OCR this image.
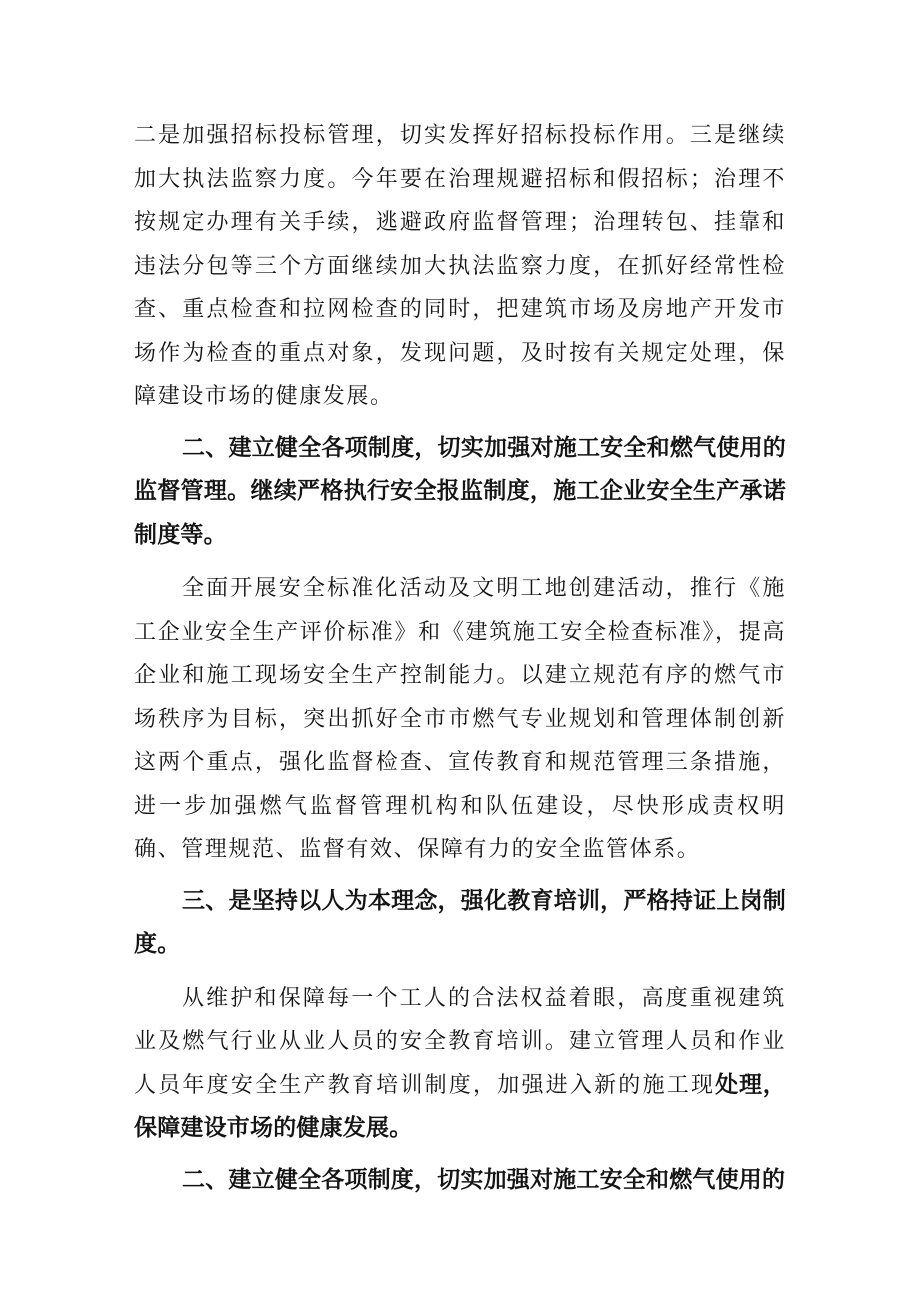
二是加强招标投标管理，切实发挥好招标投标作用。三是继续加大执法监察力度。今年要在治理规避招标和假招标；治理不按规定办理有关手续，逃避政府监督管理；治理转包、挂靠和违法分包等三个方面继续加大执法监察力度，在抓好经常性检查、重点检查和拉网检查的同时，把建筑市场及房地产开发市场作为检查的重点对象，发现问题，及时按有关规定处理，保障建设市场的健康发展。

二、建立健全各项制度，切实加强对施工安全和燃气使用的监督管理。继续严格执行安全报监制度，施工企业安全生产承诺制度等。

全面开展安全标准化活动及文明工地创建活动，推行《施工企业安全生产评价标准》和《建筑施工安全检查标准》，提高企业和施工现场安全生产控制能力。以建立规范有序的燃气市场秩序为目标，突出抓好全市市燃气专业规划和管理体制创新这两个重点，强化监督检查、宣传教育和规范管理三条措施，进一步加强燃气监督管理机构和队伍建设，尽快形成责权明确、管理规范、监督有效、保障有力的安全监管体系。

三、是坚持以人为本理念，强化教育培训，严格持证上岗制度。

从维护和保障每一个工人的合法权益着眼，高度重视建筑业及燃气行业从业人员的安全教育培训。建立管理人员和作业人员年度安全生产教育培训制度，加强进入新的施工现处理，保障建设市场的健康发展。

二、建立健全各项制度，切实加强对施工安全和燃气使用的
